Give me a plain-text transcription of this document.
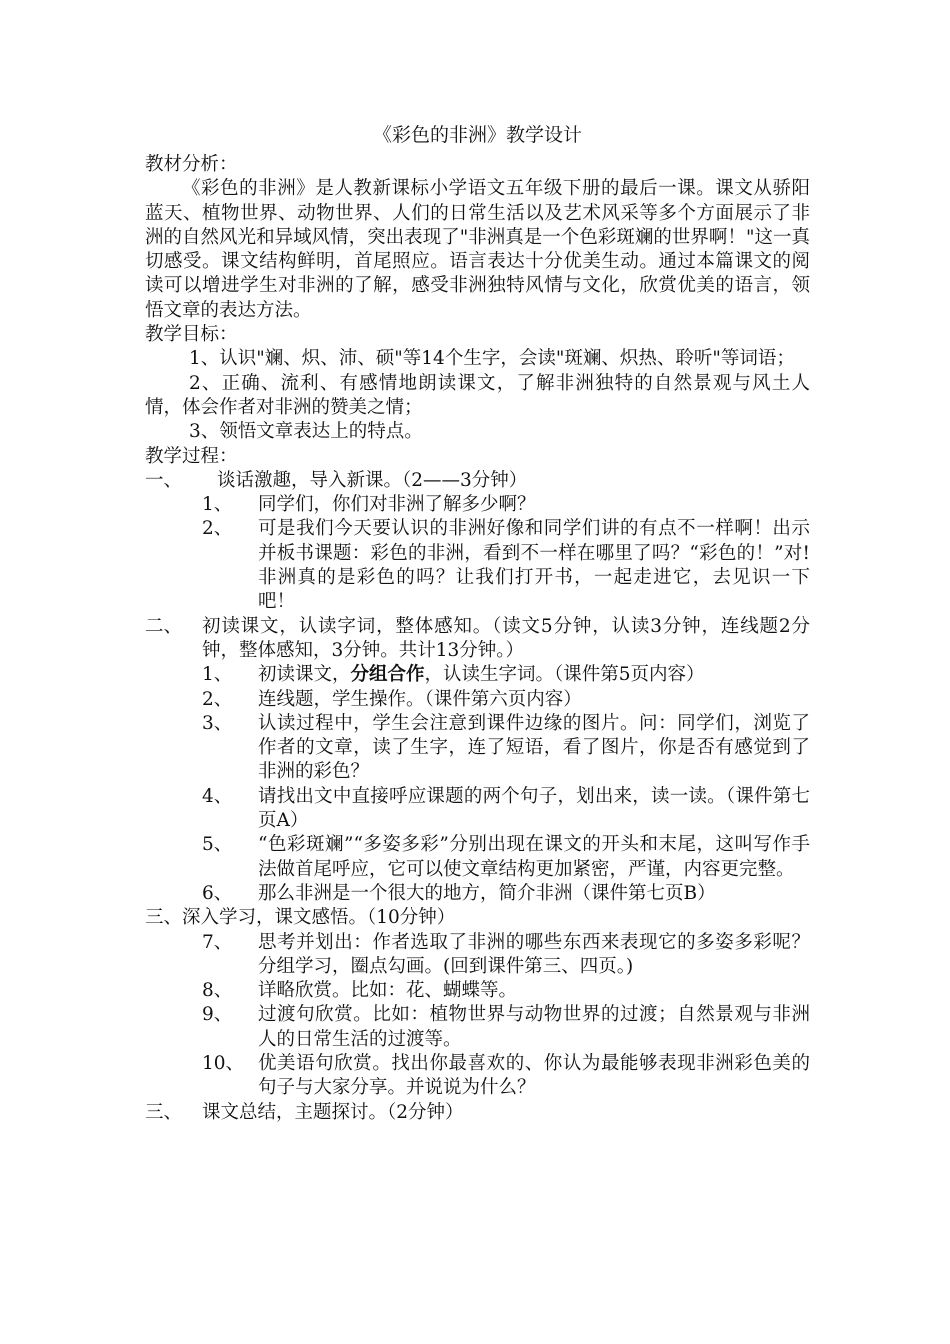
《彩色的非洲》教学设计
教材分析：

《彩色的非洲》是人教新课标小学语文五年级下册的最后一课。课文从骄阳蓝天、植物世界、动物世界、人们的日常生活以及艺术风采等多个方面展示了非洲的自然风光和异域风情，突出表现了"非洲真是一个色彩斑斓的世界啊！"这一真切感受。课文结构鲜明，首尾照应。语言表达十分优美生动。通过本篇课文的阅读可以增进学生对非洲的了解，感受非洲独特风情与文化，欣赏优美的语言，领悟文章的表达方法。

教学目标：

1、认识"斓、炽、沛、硕"等14个生字，会读"斑斓、炽热、聆听"等词语；

2、正确、流利、有感情地朗读课文，了解非洲独特的自然景观与风土人情，体会作者对非洲的赞美之情；

3、领悟文章表达上的特点。

教学过程：
一、	谈话激趣，导入新课。（2——3分钟）
1、	同学们，你们对非洲了解多少啊？
2、	可是我们今天要认识的非洲好像和同学们讲的有点不一样啊！出示并板书课题：彩色的非洲，看到不一样在哪里了吗？“彩色的！”对!非洲真的是彩色的吗？让我们打开书，一起走进它，去见识一下吧！
二、	初读课文，认读字词，整体感知。（读文5分钟，认读3分钟，连线题2分钟，整体感知，3分钟。共计13分钟。）
1、	初读课文，分组合作，认读生字词。（课件第5页内容）
2、	连线题，学生操作。（课件第六页内容）
3、	认读过程中，学生会注意到课件边缘的图片。问：同学们，浏览了作者的文章，读了生字，连了短语，看了图片，你是否有感觉到了非洲的彩色？
4、	请找出文中直接呼应课题的两个句子，划出来，读一读。（课件第七页A）
5、	“色彩斑斓”“多姿多彩”分别出现在课文的开头和末尾，这叫写作手法做首尾呼应，它可以使文章结构更加紧密，严谨，内容更完整。
6、	那么非洲是一个很大的地方，简介非洲（课件第七页B）
三、深入学习，课文感悟。（10分钟）
7、	思考并划出：作者选取了非洲的哪些东西来表现它的多姿多彩呢？分组学习，圈点勾画。(回到课件第三、四页。)
8、	详略欣赏。比如：花、蝴蝶等。
9、	过渡句欣赏。比如：植物世界与动物世界的过渡；自然景观与非洲人的日常生活的过渡等。
10、 优美语句欣赏。找出你最喜欢的、你认为最能够表现非洲彩色美的句子与大家分享。并说说为什么？
三、	课文总结，主题探讨。（2分钟）
